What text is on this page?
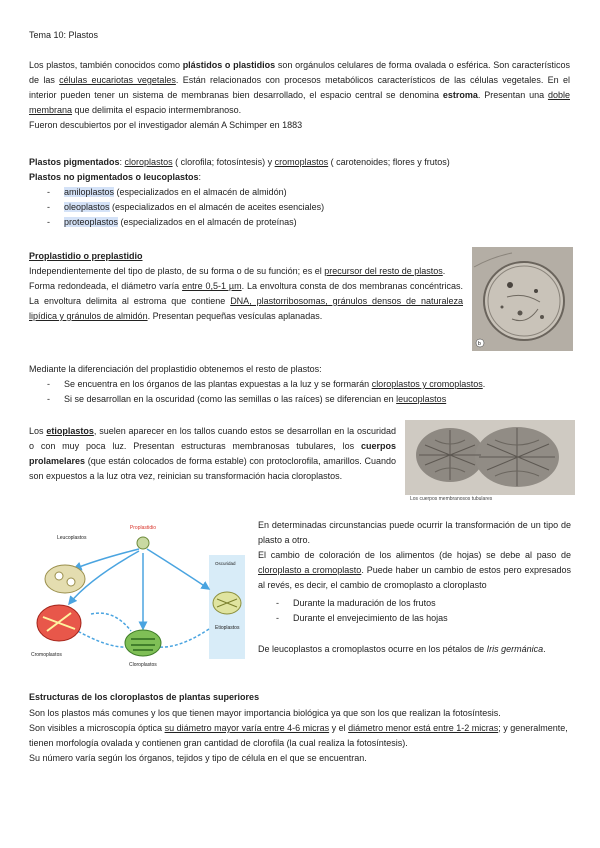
Tema 10: Plastos

Los plastos, también conocidos como plástidos o plastidios son orgánulos celulares de forma ovalada o esférica. Son característicos de las células eucariotas vegetales. Están relacionados con procesos metabólicos característicos de las células vegetales. En el interior pueden tener un sistema de membranas bien desarrollado, el espacio central se denomina estroma. Presentan una doble membrana que delimita el espacio intermembranoso.
Fueron descubiertos por el investigador alemán A Schimper en 1883

Plastos pigmentados: cloroplastos ( clorofila; fotosíntesis) y cromoplastos ( carotenoides; flores y frutos)

Plastos no pigmentados o leucoplastos:

- amiloplastos (especializados en el almacén de almidón)
- oleoplastos (especializados en el almacén de aceites esenciales)
- proteoplastos (especializados en el almacén de proteínas)

Proplastidio o preplastidio

Independientemente del tipo de plasto, de su forma o de su función; es el precursor del resto de plastos.
Forma redondeada, el diámetro varía entre 0,5-1 µm. La envoltura consta de dos membranas concéntricas. La envoltura delimita al estroma que contiene DNA, plastorribosomas, gránulos densos de naturaleza lipídica y gránulos de almidón. Presentan pequeñas vesículas aplanadas.

b

Mediante la diferenciación del proplastidio obtenemos el resto de plastos:

- Se encuentra en los órganos de las plantas expuestas a la luz y se formarán cloroplastos y cromoplastos.
- Si se desarrollan en la oscuridad (como las semillas o las raíces) se diferencian en leucoplastos

Los etioplastos, suelen aparecer en los tallos cuando estos se desarrollan en la oscuridad o con muy poca luz. Presentan estructuras membranosas tubulares, los cuerpos prolamelares (que están colocados de forma estable) con protoclorofila, amarillos. Cuando son expuestos a la luz otra vez, reinician su transformación hacia cloroplastos.

Los cuerpos membranosos tubulares
Proplastidio
Leucoplastos
Cromoplastos
Cloroplastos
Oscuridad
Etioplastos

En determinadas circunstancias puede ocurrir la transformación de un tipo de plasto a otro.
El cambio de coloración de los alimentos (de hojas) se debe al paso de cloroplasto a cromoplasto. Puede haber un cambio de estos pero expresados al revés, es decir, el cambio de cromoplasto a cloroplasto

- Durante la maduración de los frutos
- Durante el envejecimiento de las hojas

De leucoplastos a cromoplastos ocurre en los pétalos de Iris germánica.

Estructuras de los cloroplastos de plantas superiores

Son los plastos más comunes y los que tienen mayor importancia biológica ya que son los que realizan la fotosíntesis.
Son visibles a microscopía óptica su diámetro mayor varía entre 4-6 micras y el diámetro menor está entre 1-2 micras; y generalmente, tienen morfología ovalada y contienen gran cantidad de clorofila (la cual realiza la fotosíntesis).
Su número varía según los órganos, tejidos y tipo de célula en el que se encuentran.
